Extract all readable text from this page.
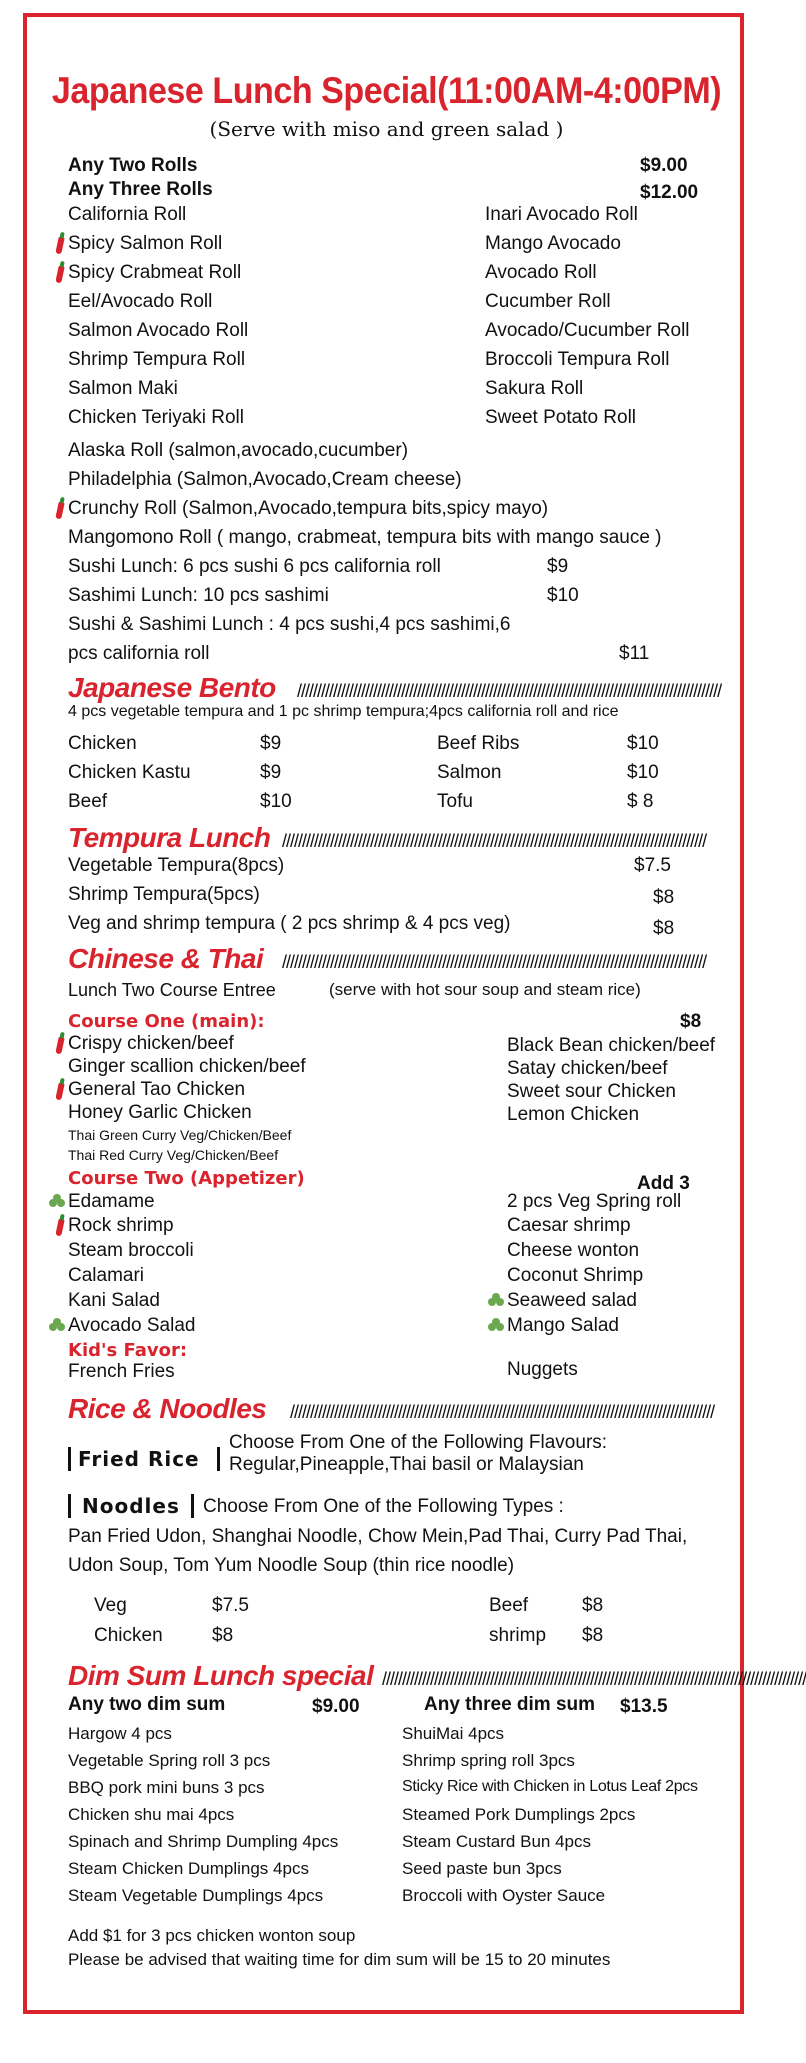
Japanese Lunch Special(11:00AM-4:00PM)
(Serve with miso and green salad )
Any Two Rolls	$9.00
Any Three Rolls	$12.00
California Roll
Spicy Salmon Roll
Spicy Crabmeat Roll
Eel/Avocado Roll
Salmon Avocado Roll
Shrimp Tempura Roll
Salmon Maki
Chicken Teriyaki Roll
Inari Avocado Roll
Mango Avocado
Avocado Roll
Cucumber Roll
Avocado/Cucumber Roll
Broccoli Tempura Roll
Sakura Roll
Sweet Potato Roll
Alaska Roll (salmon,avocado,cucumber)
Philadelphia (Salmon,Avocado,Cream cheese)
Crunchy Roll (Salmon,Avocado,tempura bits,spicy mayo)
Mangomono Roll ( mango, crabmeat, tempura bits with mango sauce )
Sushi Lunch: 6 pcs sushi 6 pcs california roll	$9
Sashimi Lunch: 10 pcs sashimi	$10
Sushi & Sashimi Lunch : 4 pcs sushi,4 pcs sashimi,6
pcs california roll	$11
Japanese Bento //////////////////////////////////////////////////////////////////////////////////////////////////////////
4 pcs vegetable tempura and 1 pc shrimp tempura;4pcs california roll and rice
Chicken	$9
Chicken Kastu	$9
Beef	$10
Beef Ribs	$10
Salmon	$10
Tofu	$ 8
Tempura Lunch //////////////////////////////////////////////////////////////////////////////////////////////////////////
Vegetable Tempura(8pcs)	$7.5
Shrimp Tempura(5pcs)	$8
Veg and shrimp tempura ( 2 pcs shrimp & 4 pcs veg)	$8
Chinese & Thai //////////////////////////////////////////////////////////////////////////////////////////////////////////
Lunch Two Course Entree	(serve with hot sour soup and steam rice)
Course One (main):	$8
Crispy chicken/beef
Ginger scallion chicken/beef
General Tao Chicken
Honey Garlic Chicken
Thai Green Curry Veg/Chicken/Beef
Thai Red Curry Veg/Chicken/Beef
Black Bean chicken/beef
Satay chicken/beef
Sweet sour Chicken
Lemon Chicken
Course Two (Appetizer)	Add 3
Edamame
Rock shrimp
Steam broccoli
Calamari
Kani Salad
Avocado Salad
2 pcs Veg Spring roll
Caesar shrimp
Cheese wonton
Coconut Shrimp
Seaweed salad
Mango Salad
Kid's Favor:
French Fries	Nuggets
Rice & Noodles //////////////////////////////////////////////////////////////////////////////////////////////////////////
Fried Rice
Choose From One of the Following Flavours:
Regular,Pineapple,Thai basil or Malaysian
Noodles Choose From One of the Following Types :
Pan Fried Udon, Shanghai Noodle, Chow Mein,Pad Thai, Curry Pad Thai,
Udon Soup, Tom Yum Noodle Soup (thin rice noodle)
Veg	$7.5
Chicken	$8
Beef	$8
shrimp $8
Dim Sum Lunch special //////////////////////////////////////////////////////////////////////////////////////////////////////////
Any two dim sum	$9.00	Any three dim sum $13.5
Hargow 4 pcs
Vegetable Spring roll 3 pcs
BBQ pork mini buns 3 pcs
Chicken shu mai 4pcs
Spinach and Shrimp Dumpling 4pcs
Steam Chicken Dumplings 4pcs
Steam Vegetable Dumplings 4pcs
ShuiMai 4pcs
Shrimp spring roll 3pcs
Sticky Rice with Chicken in Lotus Leaf 2pcs
Steamed Pork Dumplings 2pcs
Steam Custard Bun 4pcs
Seed paste bun 3pcs
Broccoli with Oyster Sauce
Add $1 for 3 pcs chicken wonton soup
Please be advised that waiting time for dim sum will be 15 to 20 minutes
